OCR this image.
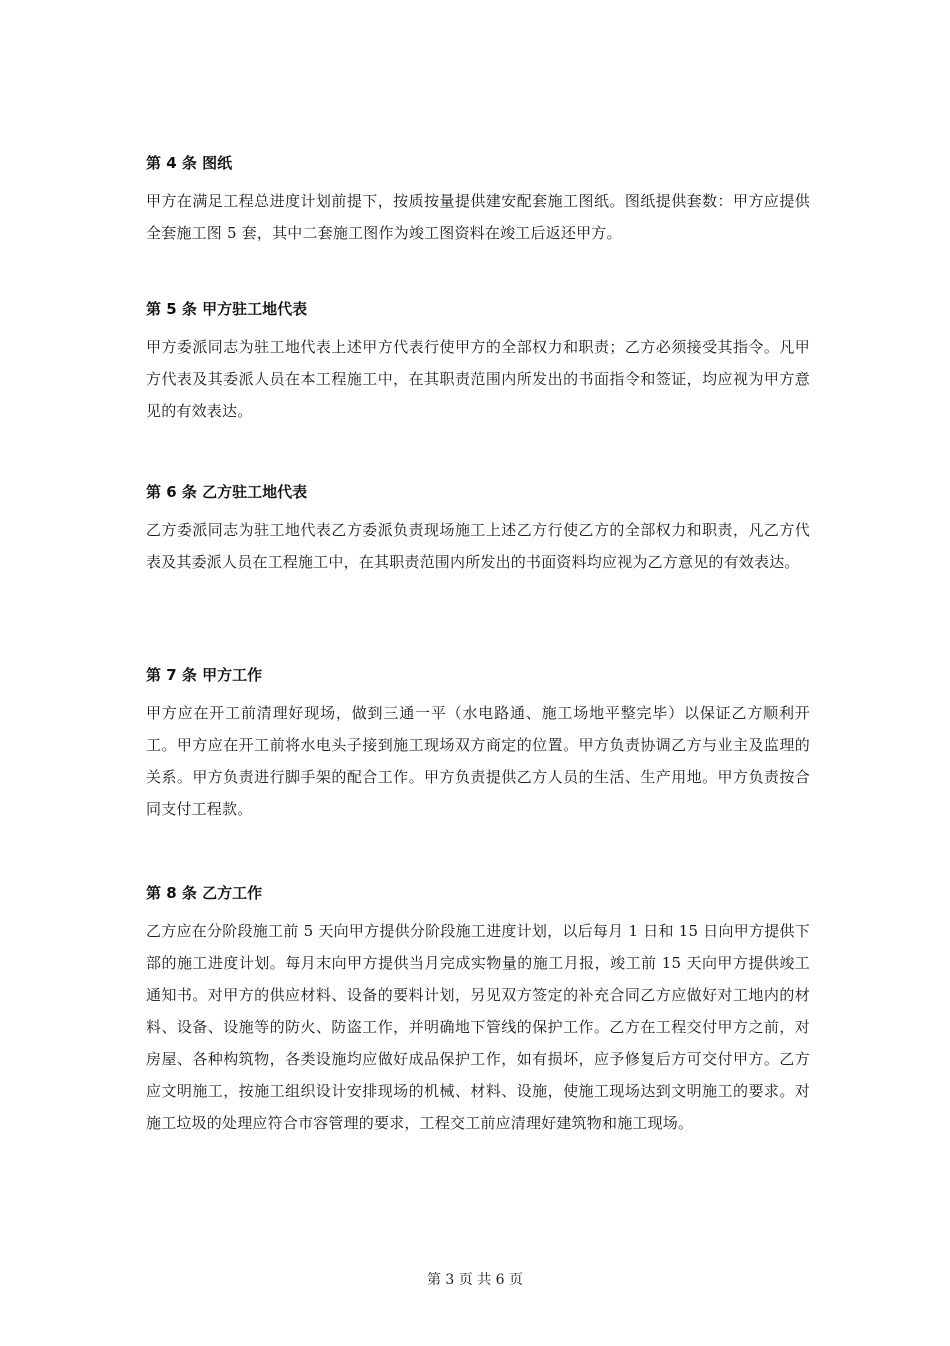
第 4 条 图纸

甲方在满足工程总进度计划前提下，按质按量提供建安配套施工图纸。图纸提供套数：甲方应提供全套施工图 5 套，其中二套施工图作为竣工图资料在竣工后返还甲方。

第 5 条 甲方驻工地代表

甲方委派同志为驻工地代表上述甲方代表行使甲方的全部权力和职责；乙方必须接受其指令。凡甲方代表及其委派人员在本工程施工中，在其职责范围内所发出的书面指令和签证，均应视为甲方意见的有效表达。

第 6 条 乙方驻工地代表

乙方委派同志为驻工地代表乙方委派负责现场施工上述乙方行使乙方的全部权力和职责，凡乙方代表及其委派人员在工程施工中，在其职责范围内所发出的书面资料均应视为乙方意见的有效表达。

第 7 条 甲方工作

甲方应在开工前清理好现场，做到三通一平（水电路通、施工场地平整完毕）以保证乙方顺利开工。甲方应在开工前将水电头子接到施工现场双方商定的位置。甲方负责协调乙方与业主及监理的关系。甲方负责进行脚手架的配合工作。甲方负责提供乙方人员的生活、生产用地。甲方负责按合同支付工程款。

第 8 条 乙方工作

乙方应在分阶段施工前 5 天向甲方提供分阶段施工进度计划，以后每月 1 日和 15 日向甲方提供下部的施工进度计划。每月末向甲方提供当月完成实物量的施工月报，竣工前 15 天向甲方提供竣工通知书。对甲方的供应材料、设备的要料计划，另见双方签定的补充合同乙方应做好对工地内的材料、设备、设施等的防火、防盗工作，并明确地下管线的保护工作。乙方在工程交付甲方之前，对房屋、各种构筑物，各类设施均应做好成品保护工作，如有损坏，应予修复后方可交付甲方。乙方应文明施工，按施工组织设计安排现场的机械、材料、设施，使施工现场达到文明施工的要求。对施工垃圾的处理应符合市容管理的要求，工程交工前应清理好建筑物和施工现场。

第 3 页 共 6 页
